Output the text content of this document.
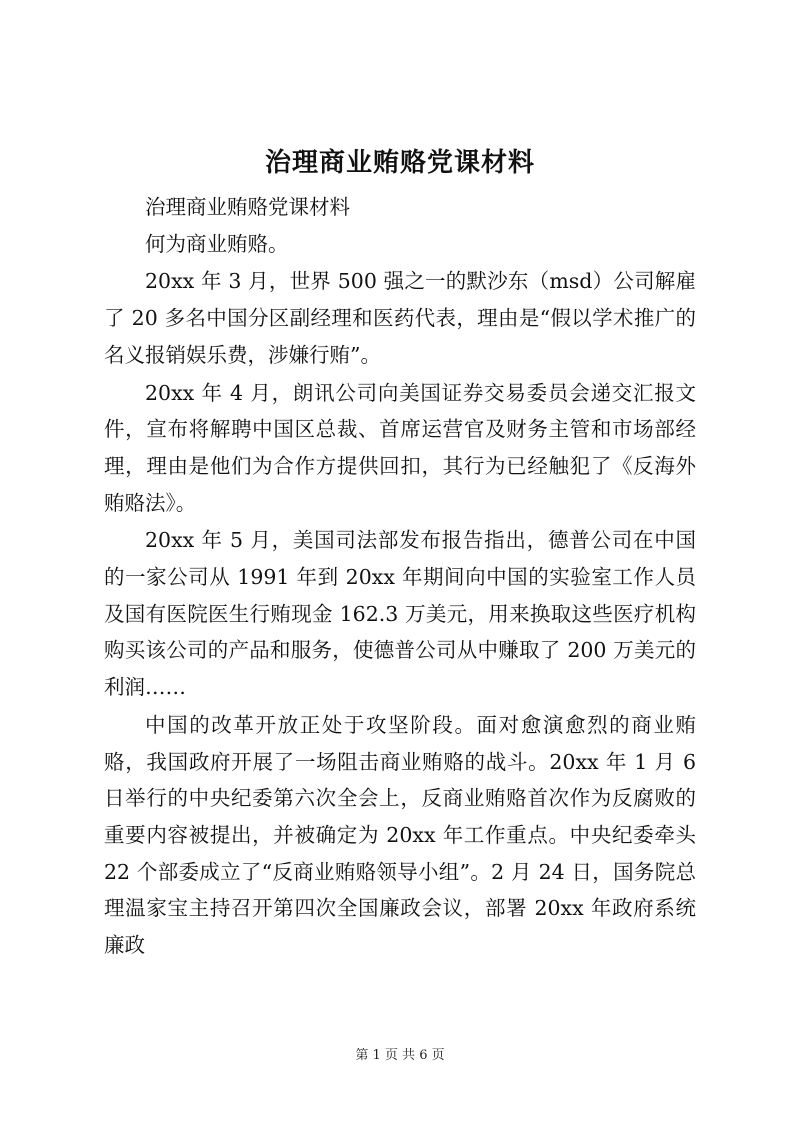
治理商业贿赂党课材料

治理商业贿赂党课材料

何为商业贿赂。

20xx 年 3 月，世界 500 强之一的默沙东（msd）公司解雇了 20 多名中国分区副经理和医药代表，理由是“假以学术推广的名义报销娱乐费，涉嫌行贿”。

20xx 年 4 月，朗讯公司向美国证券交易委员会递交汇报文件，宣布将解聘中国区总裁、首席运营官及财务主管和市场部经理，理由是他们为合作方提供回扣，其行为已经触犯了《反海外贿赂法》。

20xx 年 5 月，美国司法部发布报告指出，德普公司在中国的一家公司从 1991 年到 20xx 年期间向中国的实验室工作人员及国有医院医生行贿现金 162.3 万美元，用来换取这些医疗机构购买该公司的产品和服务，使德普公司从中赚取了 200 万美元的利润……

中国的改革开放正处于攻坚阶段。面对愈演愈烈的商业贿赂，我国政府开展了一场阻击商业贿赂的战斗。20xx 年 1 月 6 日举行的中央纪委第六次全会上，反商业贿赂首次作为反腐败的重要内容被提出，并被确定为 20xx 年工作重点。中央纪委牵头 22 个部委成立了“反商业贿赂领导小组”。2 月 24 日，国务院总理温家宝主持召开第四次全国廉政会议，部署 20xx 年政府系统廉政

第 1 页 共 6 页
